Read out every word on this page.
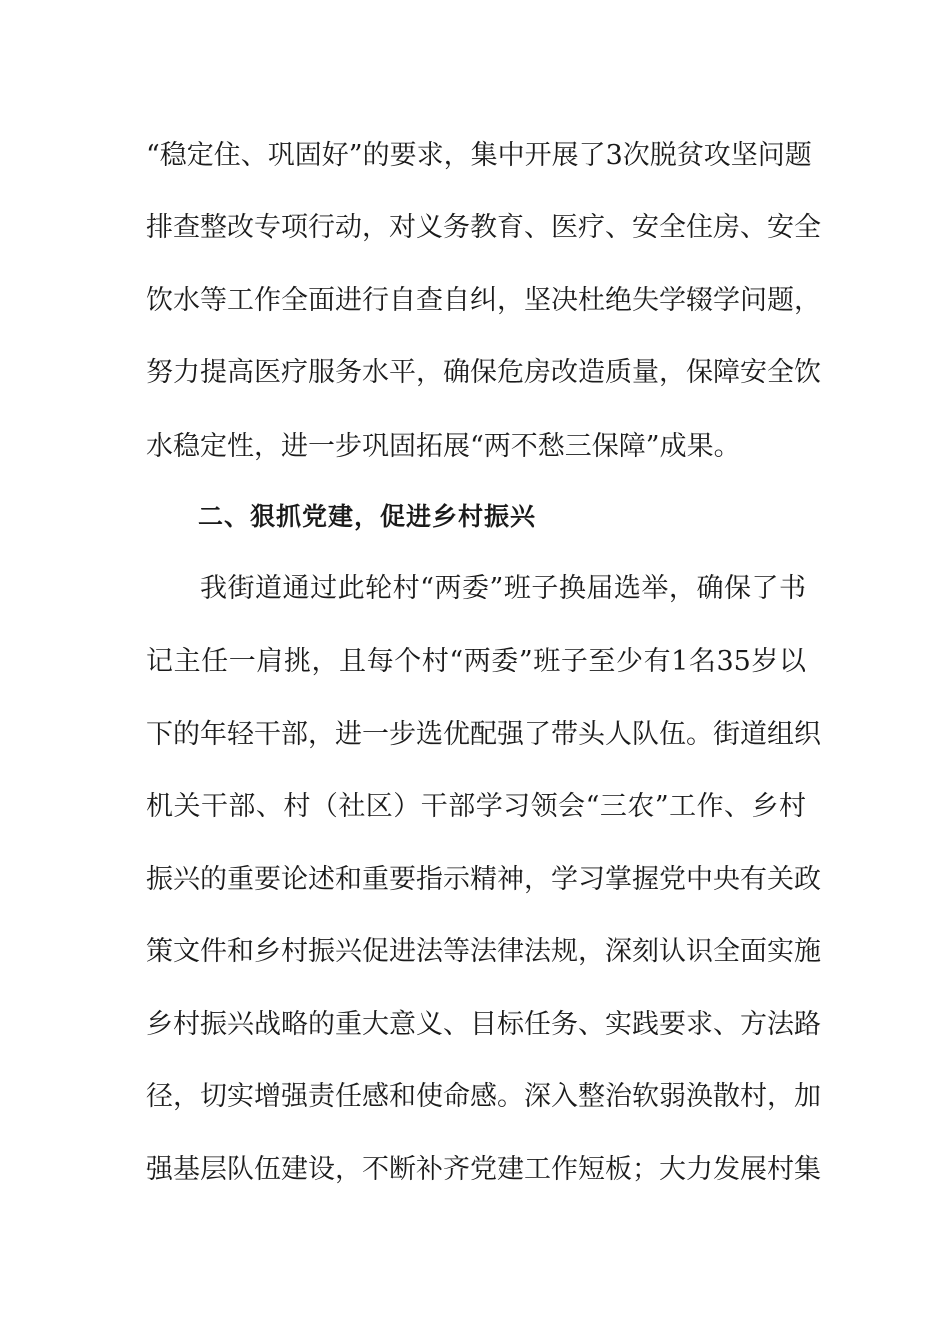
“稳定住、巩固好”的要求，集中开展了3次脱贫攻坚问题
排查整改专项行动，对义务教育、医疗、安全住房、安全
饮水等工作全面进行自查自纠，坚决杜绝失学辍学问题，
努力提高医疗服务水平，确保危房改造质量，保障安全饮
水稳定性，进一步巩固拓展“两不愁三保障”成果。
二、狠抓党建，促进乡村振兴
我街道通过此轮村“两委”班子换届选举，确保了书
记主任一肩挑，且每个村“两委”班子至少有1名35岁以
下的年轻干部，进一步选优配强了带头人队伍。街道组织
机关干部、村（社区）干部学习领会“三农”工作、乡村
振兴的重要论述和重要指示精神，学习掌握党中央有关政
策文件和乡村振兴促进法等法律法规，深刻认识全面实施
乡村振兴战略的重大意义、目标任务、实践要求、方法路
径，切实增强责任感和使命感。深入整治软弱涣散村，加
强基层队伍建设，不断补齐党建工作短板；大力发展村集
